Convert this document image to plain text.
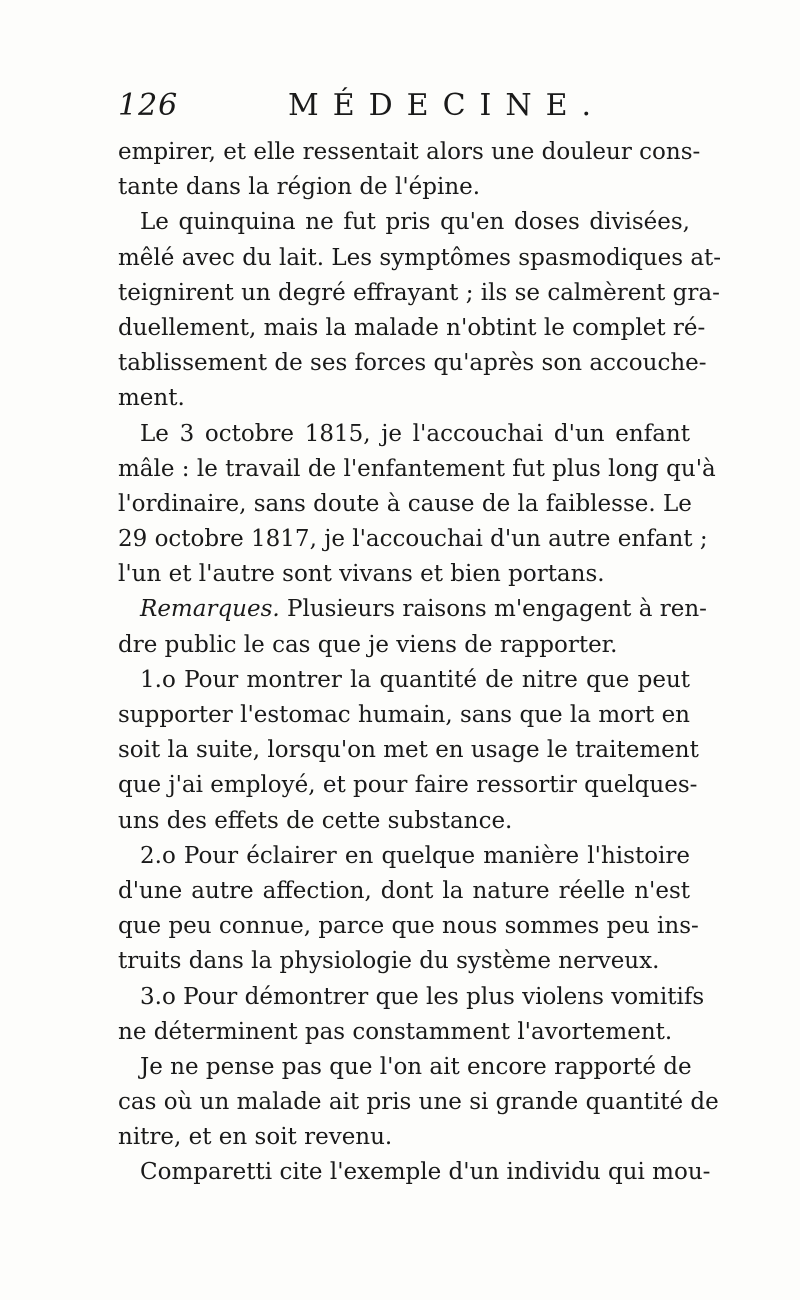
126	MÉDECINE.
empirer, et elle ressentait alors une douleur cons-
tante dans la région de l'épine.
Le quinquina ne fut pris qu'en doses divisées,
mêlé avec du lait. Les symptômes spasmodiques at-
teignirent un degré effrayant ; ils se calmèrent gra-
duellement, mais la malade n'obtint le complet ré-
tablissement de ses forces qu'après son accouche-
ment.
Le 3 octobre 1815, je l'accouchai d'un enfant
mâle : le travail de l'enfantement fut plus long qu'à
l'ordinaire, sans doute à cause de la faiblesse. Le
29 octobre 1817, je l'accouchai d'un autre enfant ;
l'un et l'autre sont vivans et bien portans.
Remarques. Plusieurs raisons m'engagent à ren-
dre public le cas que je viens de rapporter.
1.o Pour montrer la quantité de nitre que peut
supporter l'estomac humain, sans que la mort en
soit la suite, lorsqu'on met en usage le traitement
que j'ai employé, et pour faire ressortir quelques-
uns des effets de cette substance.
2.o Pour éclairer en quelque manière l'histoire
d'une autre affection, dont la nature réelle n'est
que peu connue, parce que nous sommes peu ins-
truits dans la physiologie du système nerveux.
3.o Pour démontrer que les plus violens vomitifs
ne déterminent pas constamment l'avortement.
Je ne pense pas que l'on ait encore rapporté de
cas où un malade ait pris une si grande quantité de
nitre, et en soit revenu.
Comparetti cite l'exemple d'un individu qui mou-
